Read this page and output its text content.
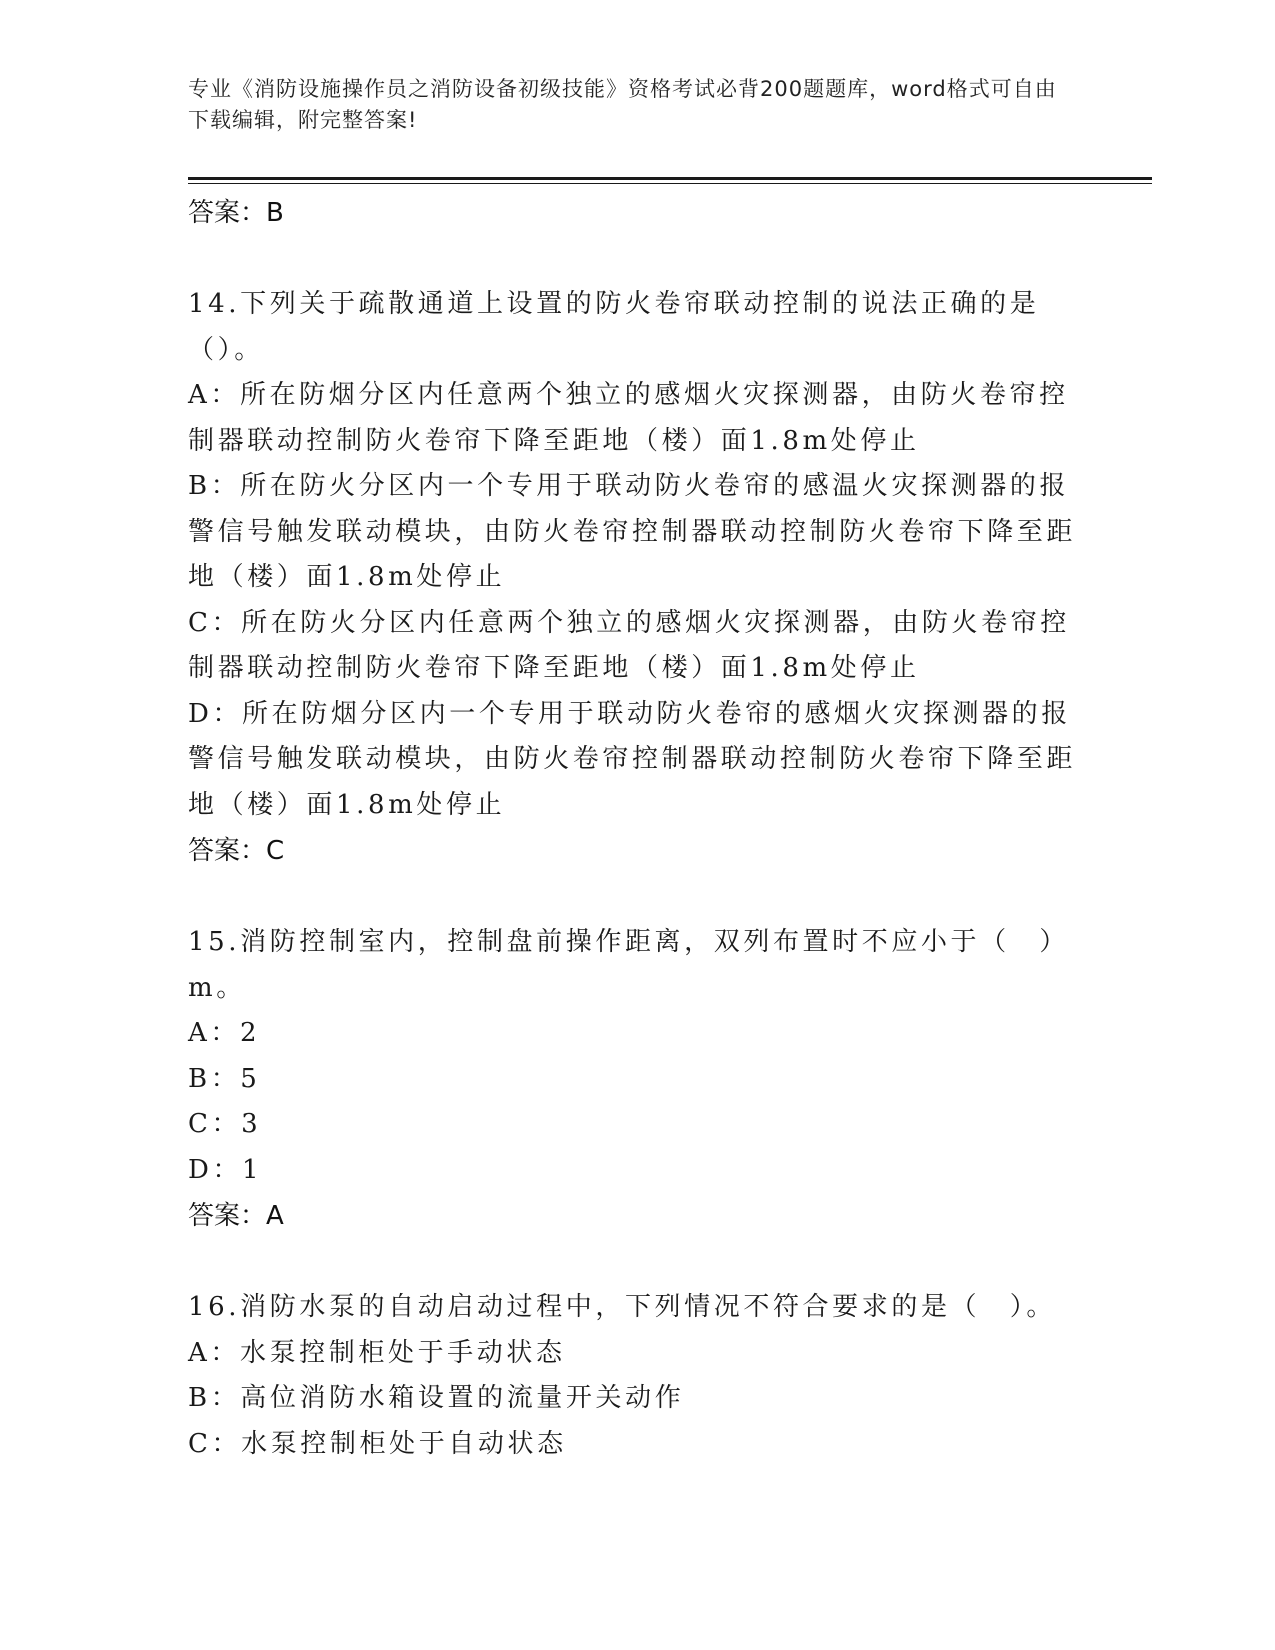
专业《消防设施操作员之消防设备初级技能》资格考试必背200题题库，word格式可自由下载编辑，附完整答案!
答案：B
14.下列关于疏散通道上设置的防火卷帘联动控制的说法正确的是（）。
A：所在防烟分区内任意两个独立的感烟火灾探测器，由防火卷帘控制器联动控制防火卷帘下降至距地（楼）面1.8m处停止
B：所在防火分区内一个专用于联动防火卷帘的感温火灾探测器的报警信号触发联动模块，由防火卷帘控制器联动控制防火卷帘下降至距地（楼）面1.8m处停止
C：所在防火分区内任意两个独立的感烟火灾探测器，由防火卷帘控制器联动控制防火卷帘下降至距地（楼）面1.8m处停止
D：所在防烟分区内一个专用于联动防火卷帘的感烟火灾探测器的报警信号触发联动模块，由防火卷帘控制器联动控制防火卷帘下降至距地（楼）面1.8m处停止
答案：C
15.消防控制室内，控制盘前操作距离，双列布置时不应小于（　）m。
A：2
B：5
C：3
D：1
答案：A
16.消防水泵的自动启动过程中，下列情况不符合要求的是（　）。
A：水泵控制柜处于手动状态
B：高位消防水箱设置的流量开关动作
C：水泵控制柜处于自动状态
